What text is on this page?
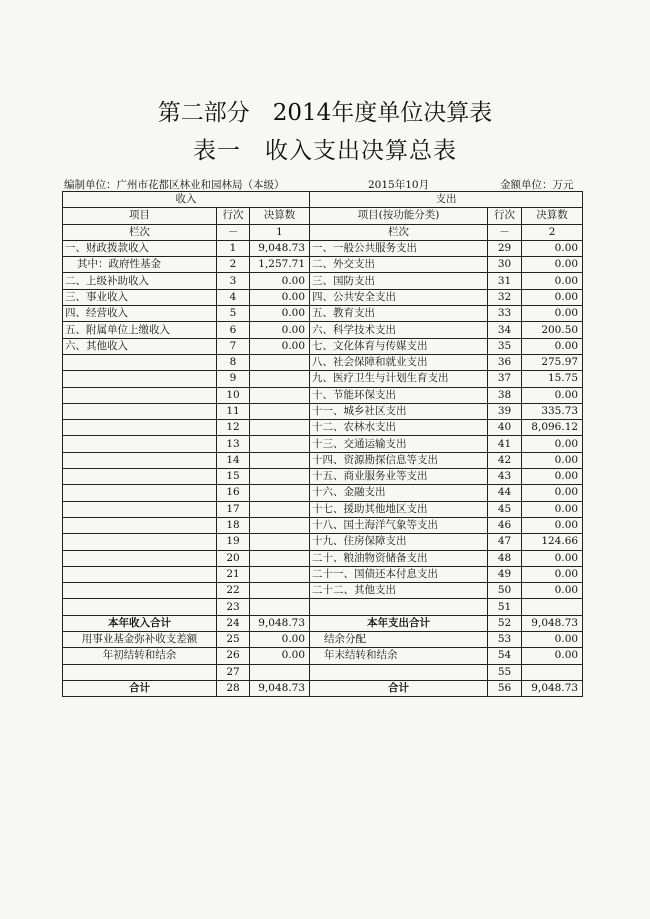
第二部分　2014年度单位决算表
表一　收入支出决算总表
编制单位：广州市花都区林业和园林局（本级）	2015年10月	金额单位：万元
收入			支出		
项目	行次	决算数	项目(按功能分类)	行次	决算数
栏次	－	1	栏次	－	2
一、财政拨款收入	1	9,048.73	一、一般公共服务支出	29	0.00
其中：政府性基金	2	1,257.71	二、外交支出	30	0.00
二、上级补助收入	3	0.00	三、国防支出	31	0.00
三、事业收入	4	0.00	四、公共安全支出	32	0.00
四、经营收入	5	0.00	五、教育支出	33	0.00
五、附属单位上缴收入	6	0.00	六、科学技术支出	34	200.50
六、其他收入	7	0.00	七、文化体育与传媒支出	35	0.00
	8		八、社会保障和就业支出	36	275.97
	9		九、医疗卫生与计划生育支出	37	15.75
	10		十、节能环保支出	38	0.00
	11		十一、城乡社区支出	39	335.73
	12		十二、农林水支出	40	8,096.12
	13		十三、交通运输支出	41	0.00
	14		十四、资源勘探信息等支出	42	0.00
	15		十五、商业服务业等支出	43	0.00
	16		十六、金融支出	44	0.00
	17		十七、援助其他地区支出	45	0.00
	18		十八、国土海洋气象等支出	46	0.00
	19		十九、住房保障支出	47	124.66
	20		二十、粮油物资储备支出	48	0.00
	21		二十一、国债还本付息支出	49	0.00
	22		二十二、其他支出	50	0.00
	23			51	
本年收入合计	24	9,048.73	本年支出合计	52	9,048.73
用事业基金弥补收支差额	25	0.00	结余分配	53	0.00
年初结转和结余	26	0.00	年末结转和结余	54	0.00
	27			55	
合计	28	9,048.73	合计	56	9,048.73
